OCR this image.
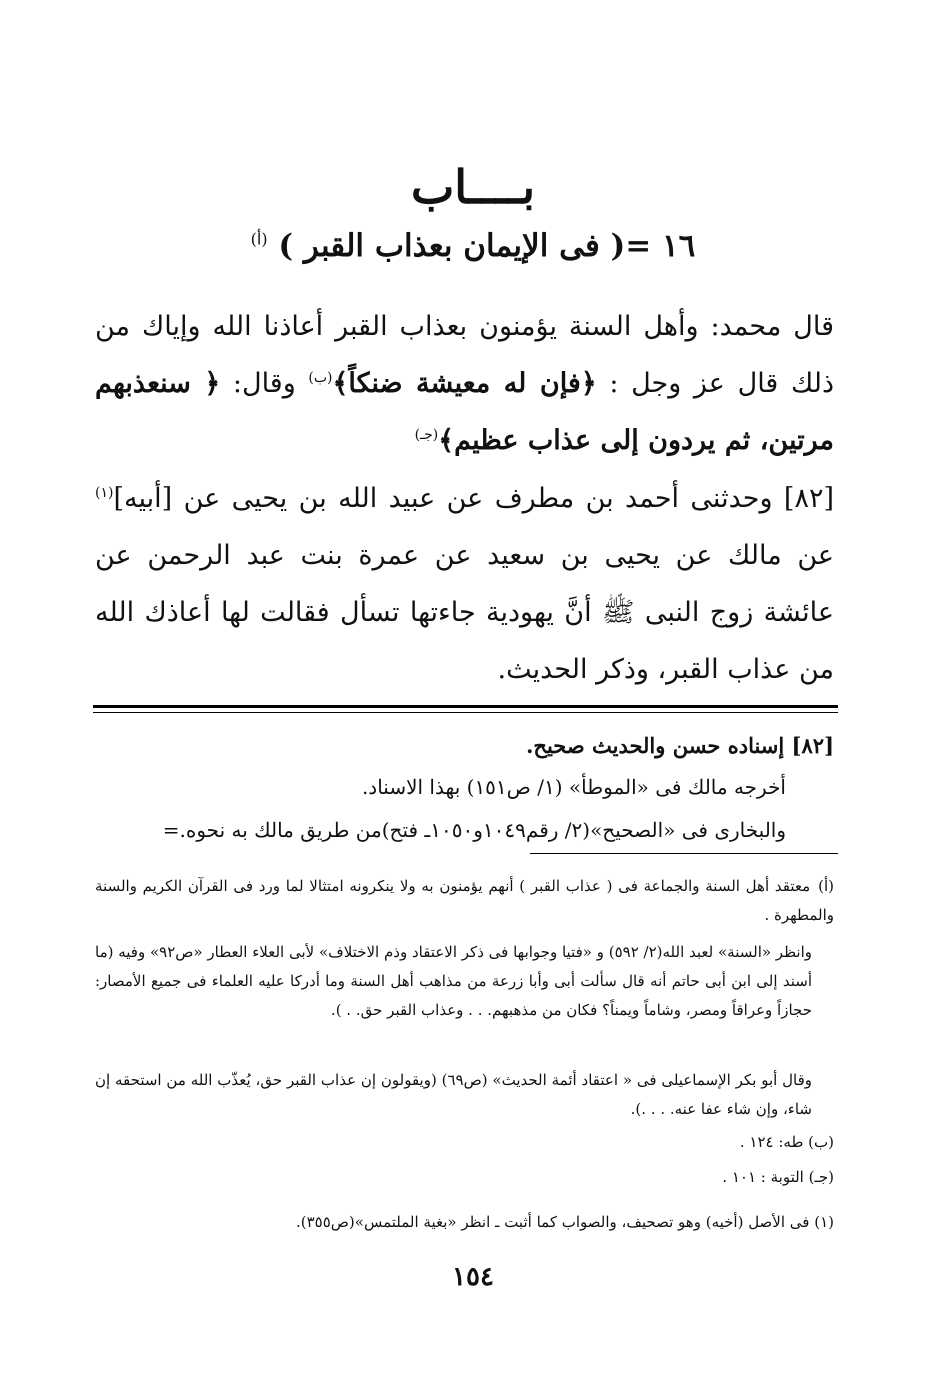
بــــاب
١٦ =( فى الإيمان بعذاب القبر ) $^{(أ)}$
قال محمد: وأهل السنة يؤمنون بعذاب القبر أعاذنا الله وإياك من ذلك قال عز وجل : ﴿فإن له معيشة ضنكاً﴾$^{(ب)}$ وقال: ﴿ سنعذبهم مرتين، ثم يردون إلى عذاب عظيم﴾$^{(جـ)}$
[٨٢] وحدثنى أحمد بن مطرف عن عبيد الله بن يحيى عن [أبيه]$^{(١)}$ عن مالك عن يحيى بن سعيد عن عمرة بنت عبد الرحمن عن عائشة زوج النبى ﷺ أنَّ يهودية جاءتها تسأل فقالت لها أعاذك الله من عذاب القبر، وذكر الحديث.
[٨٢] إسناده حسن والحديث صحيح.
أخرجه مالك فى «الموطأ» (١/ ص١٥١) بهذا الاسناد.
والبخارى فى «الصحيح»(٢/ رقم١٠٤٩و١٠٥٠ـ فتح)من طريق مالك به نحوه.=
(أ)معتقد أهل السنة والجماعة فى ( عذاب القبر ) أنهم يؤمنون به ولا ينكرونه امتثالا لما ورد فى القرآن الكريم والسنة والمطهرة .
وانظر «السنة» لعبد الله(٢/ ٥٩٢) و «فتيا وجوابها فى ذكر الاعتقاد وذم الاختلاف» لأبى العلاء العطار «ص٩٢» وفيه (ما أسند إلى ابن أبى حاتم أنه قال سألت أبى وأبا زرعة من مذاهب أهل السنة وما أدركا عليه العلماء فى جميع الأمصار: حجازاً وعراقاً ومصر، وشاماً ويمناً؟ فكان من مذهبهم. . . وعذاب القبر حق. . ).
وقال أبو بكر الإسماعيلى فى « اعتقاد أئمة الحديث» (ص٦٩) (ويقولون إن عذاب القبر حق، يُعذّب الله من استحقه إن شاء، وإن شاء عفا عنه. . . .).
(ب) طه: ١٢٤ .
(جـ) التوبة : ١٠١ .
(١) فى الأصل (أخيه) وهو تصحيف، والصواب كما أثبت ـ انظر «بغية الملتمس»(ص٣٥٥).
١٥٤
